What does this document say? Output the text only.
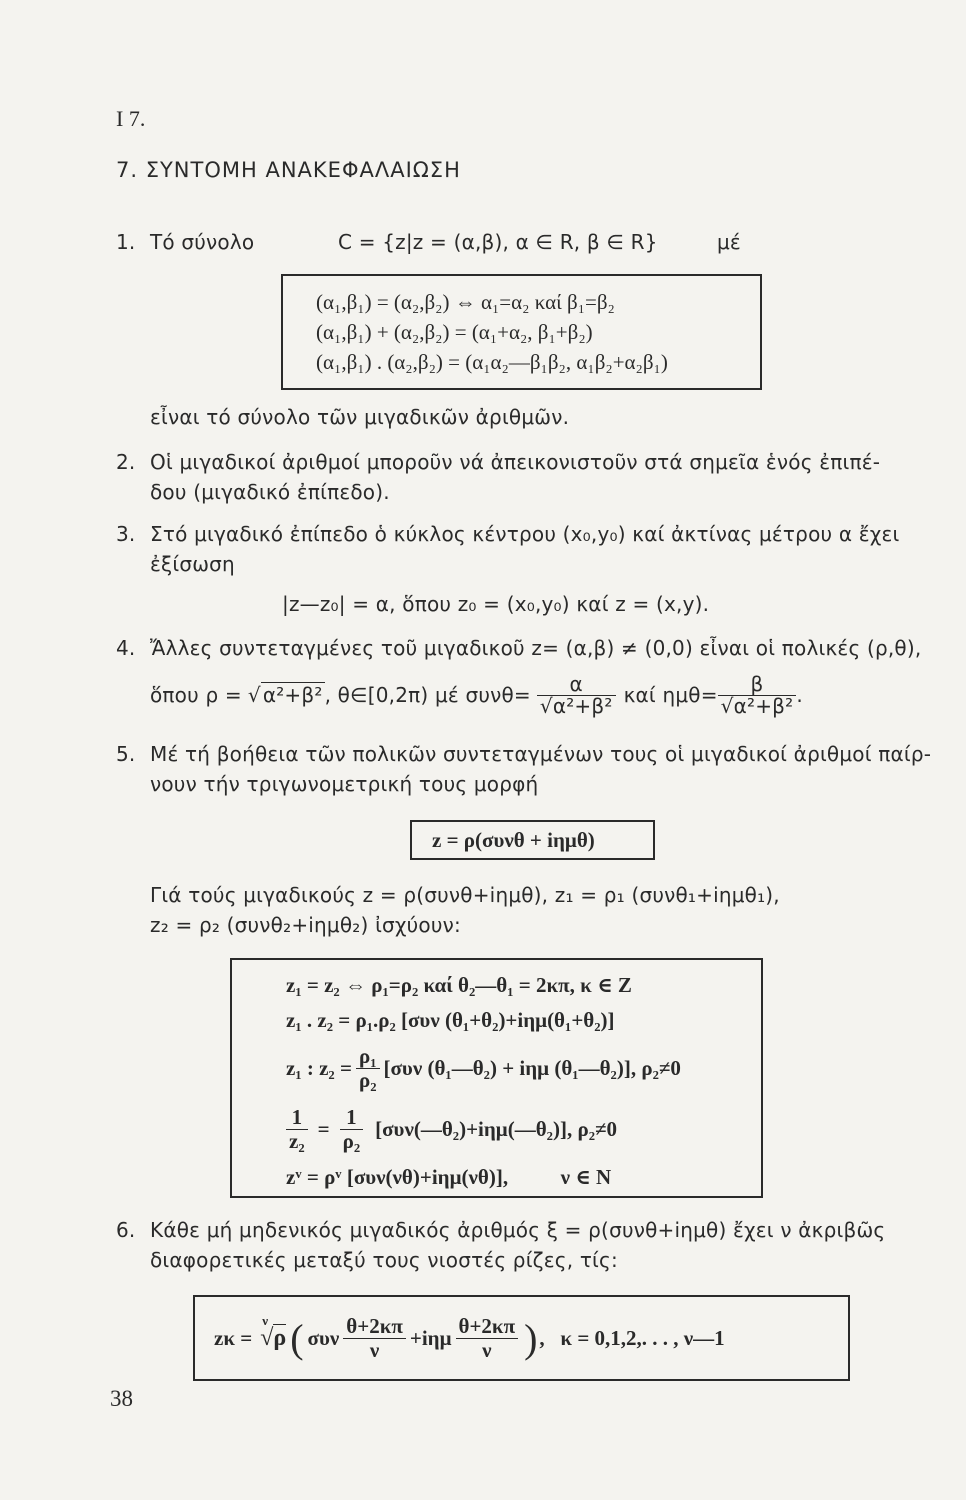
Ι 7.
7. ΣΥΝΤΟΜΗ ΑΝΑΚΕΦΑΛΑΙΩΣΗ
1. Τό σύνολο	C = {z|z = (α,β), α ∈ R, β ∈ R}	μέ
(α₁,β₁) = (α₂,β₂) ⇔ α₁=α₂ καί β₁=β₂
(α₁,β₁) + (α₂,β₂) = (α₁+α₂, β₁+β₂)
(α₁,β₁) . (α₂,β₂) = (α₁α₂—β₁β₂, α₁β₂+α₂β₁)
εἶναι τό σύνολο τῶν μιγαδικῶν ἀριθμῶν.
2. Οἱ μιγαδικοί ἀριθμοί μποροῦν νά ἀπεικονιστοῦν στά σημεῖα ἑνός ἐπιπέ-
δου (μιγαδικό ἐπίπεδο).
3. Στό μιγαδικό ἐπίπεδο ὁ κύκλος κέντρου (x₀,y₀) καί ἀκτίνας μέτρου α ἔχει
ἐξίσωση
|z—z₀| = α, ὅπου z₀ = (x₀,y₀) καί z = (x,y).
4. Ἄλλες συντεταγμένες τοῦ μιγαδικοῦ z= (α,β) ≠ (0,0) εἶναι οἱ πολικές (ρ,θ),
ὅπου ρ = √ α²+β² , θ∈[0,2π) μέ $\sigma\upsilon\nu\theta= \frac{\alpha}{\text{√α²+β²}}$ καί $\eta\mu\theta= \frac{\beta}{\text{√α²+β²}}$ .
5. Μέ τή βοήθεια τῶν πολικῶν συντεταγμένων τους οἱ μιγαδικοί ἀριθμοί παίρ-
νουν τήν τριγωνομετρική τους μορφή
z = ρ(συνθ + iημθ)
Γιά τούς μιγαδικούς z = ρ(συνθ+iημθ), z₁ = ρ₁ (συνθ₁+iημθ₁),
z₂ = ρ₂ (συνθ₂+iημθ₂) ἰσχύουν:
z₁ = z₂ ⇔ ρ₁=ρ₂ καί θ₂—θ₁ = 2κπ, κ ∈ Z
z₁ . z₂ = ρ₁.ρ₂ [συν (θ₁+θ₂)+iημ(θ₁+θ₂)]
z₁ : $z_2 = \frac{\text{ρ₁}}{\text{ρ₂}} [\sigma\upsilon\nu$ (θ₁—θ₂) + iημ (θ₁—θ₂)], ρ₂≠0
$\frac{1}{\text{z₂}} = \frac{1}{\text{ρ₂}}$ [συν(—θ₂)+iημ(—θ₂)], ρ₂≠0
zᵛ = ρᵛ [συν(νθ)+iημ(νθ)],          ν ∈ N
6. Κάθε μή μηδενικός μιγαδικός ἀριθμός ξ = ρ(συνθ+iημθ) ἔχει ν ἀκριβῶς
διαφορετικές μεταξύ τους νιοστές ρίζες, τίς:
zκ =
ν
√ρ ( συν $\frac{\theta+2\kappa\pi}{\nu} +i\eta\mu \frac{\theta+2\kappa\pi}{\nu}$ ) ,   κ = 0,1,2,. . . , ν—1
38
